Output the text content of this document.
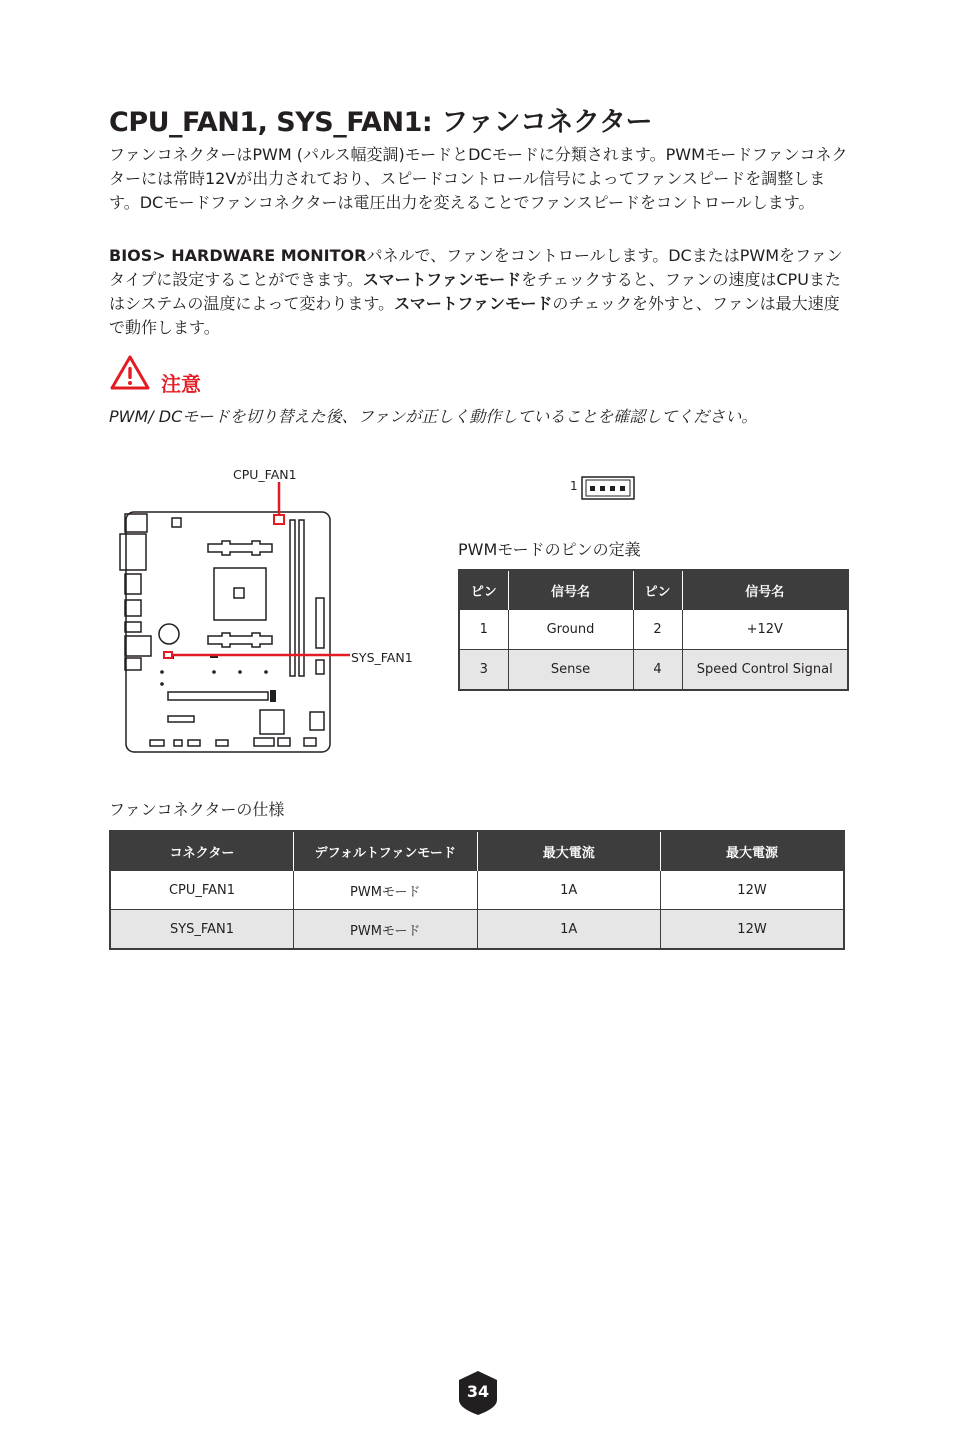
CPU_FAN1, SYS_FAN1: ファンコネクター
ファンコネクターはPWM (パルス幅変調)モードとDCモードに分類されます。PWMモードファンコネクターには常時12Vが出力されており、スピードコントロール信号によってファンスピードを調整します。DCモードファンコネクターは電圧出力を変えることでファンスピードをコントロールします。
BIOS> HARDWARE MONITORパネルで、ファンをコントロールします。DCまたはPWMをファンタイプに設定することができます。スマートファンモードをチェックすると、ファンの速度はCPUまたはシステムの温度によって変わります。スマートファンモードのチェックを外すと、ファンは最大速度で動作します。
注意
PWM/ DCモードを切り替えた後、ファンが正しく動作していることを確認してください。
CPU_FAN1
SYS_FAN1
1
PWMモードのピンの定義
ピン	信号名	ピン	信号名
1	Ground	2	+12V
3	Sense	4	Speed Control Signal
ファンコネクターの仕様
コネクター	デフォルトファンモード	最大電流	最大電源
CPU_FAN1	PWMモード	1A	12W
SYS_FAN1	PWMモード	1A	12W
34
